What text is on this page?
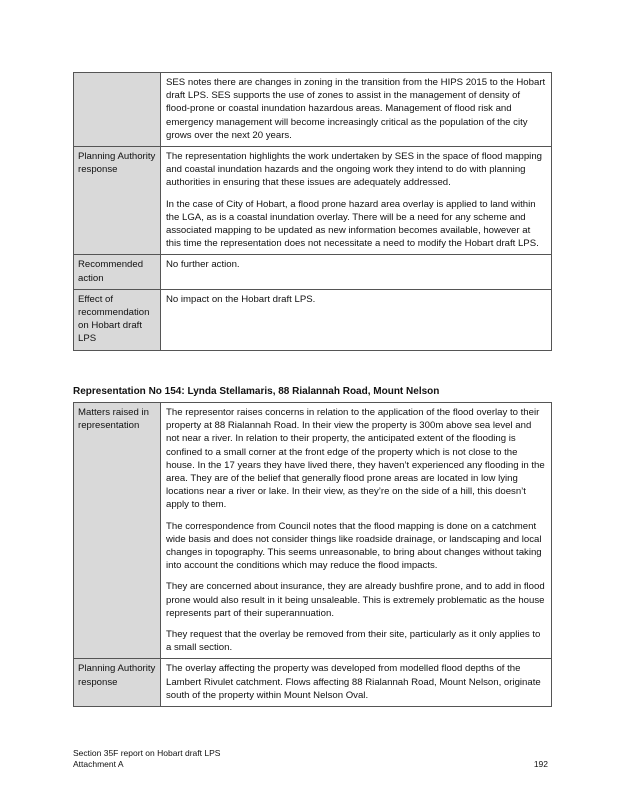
	SES notes there are changes in zoning in the transition from the HIPS 2015 to the Hobart draft LPS. SES supports the use of zones to assist in the management of density of flood-prone or coastal inundation hazardous areas. Management of flood risk and emergency management will become increasingly critical as the population of the city grows over the next 20 years.

Planning Authority response	The representation highlights the work undertaken by SES in the space of flood mapping and coastal inundation hazards and the ongoing work they intend to do with planning authorities in ensuring that these issues are adequately addressed.

In the case of City of Hobart, a flood prone hazard area overlay is applied to land within the LGA, as is a coastal inundation overlay. There will be a need for any scheme and associated mapping to be updated as new information becomes available, however at this time the representation does not necessitate a need to modify the Hobart draft LPS.

Recommended action	No further action.
Effect of recommendation on Hobart draft LPS	No impact on the Hobart draft LPS.
Representation No 154: Lynda Stellamaris, 88 Rialannah Road, Mount Nelson
Matters raised in representation	The representor raises concerns in relation to the application of the flood overlay to their property at 88 Rialannah Road. In their view the property is 300m above sea level and not near a river. In relation to their property, the anticipated extent of the flooding is confined to a small corner at the front edge of the property which is not close to the house. In the 17 years they have lived there, they haven’t experienced any flooding in the area. They are of the belief that generally flood prone areas are located in low lying locations near a river or lake. In their view, as they’re on the side of a hill, this doesn’t apply to them.

The correspondence from Council notes that the flood mapping is done on a catchment wide basis and does not consider things like roadside drainage, or landscaping and local changes in topography. This seems unreasonable, to bring about changes without taking into account the conditions which may reduce the flood impacts.

They are concerned about insurance, they are already bushfire prone, and to add in flood prone would also result in it being unsaleable. This is extremely problematic as the house represents part of their superannuation.

They request that the overlay be removed from their site, particularly as it only applies to a small section.

Planning Authority response	The overlay affecting the property was developed from modelled flood depths of the Lambert Rivulet catchment. Flows affecting 88 Rialannah Road, Mount Nelson, originate south of the property within Mount Nelson Oval.

Section 35F report on Hobart draft LPS
Attachment A	192
